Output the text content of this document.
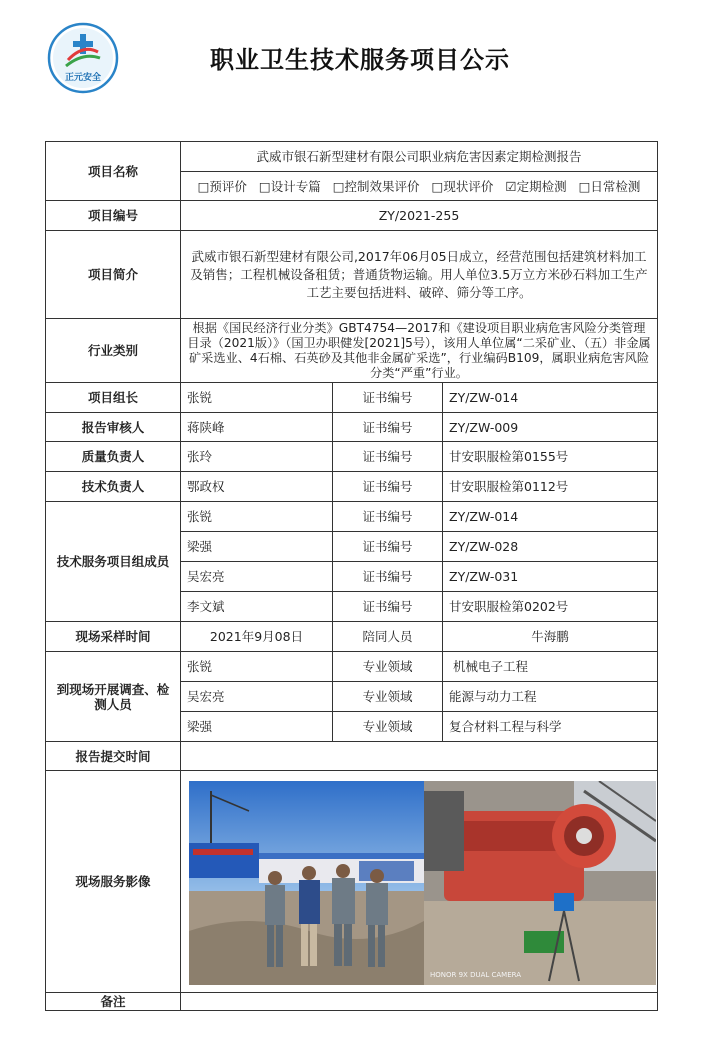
正元安全
职业卫生技术服务项目公示
项目名称	武威市银石新型建材有限公司职业病危害因素定期检测报告		
	□预评价 □设计专篇 □控制效果评价 □现状评价 ☑定期检测 □日常检测		
项目编号	ZY/2021-255		
项目简介	武威市银石新型建材有限公司,2017年06月05日成立，经营范围包括建筑材料加工及销售；工程机械设备租赁；普通货物运输。用人单位3.5万立方米砂石料加工生产工艺主要包括进料、破碎、筛分等工序。		
行业类别	根据《国民经济行业分类》GBT4754—2017和《建设项目职业病危害风险分类管理目录（2021版）》（国卫办职健发[2021]5号），该用人单位属“二采矿业、（五）非金属矿采选业、4石棉、石英砂及其他非金属矿采选”，行业编码B109，属职业病危害风险分类“严重”行业。		
项目组长	张锐	证书编号	ZY/ZW-014
报告审核人	蒋陕峰	证书编号	ZY/ZW-009
质量负责人	张玲	证书编号	甘安职服检第0155号
技术负责人	鄂政权	证书编号	甘安职服检第0112号
技术服务项目组成员	张锐	证书编号	ZY/ZW-014
	梁强	证书编号	ZY/ZW-028
	吴宏亮	证书编号	ZY/ZW-031
	李文斌	证书编号	甘安职服检第0202号
现场采样时间	2021年9月08日	陪同人员	牛海鹏
到现场开展调查、检测人员	张锐	专业领域	机械电子工程
	吴宏亮	专业领域	能源与动力工程
	梁强	专业领域	复合材料工程与科学
报告提交时间			
现场服务影像	HONOR 9X DUAL CAMERA		

备注			
